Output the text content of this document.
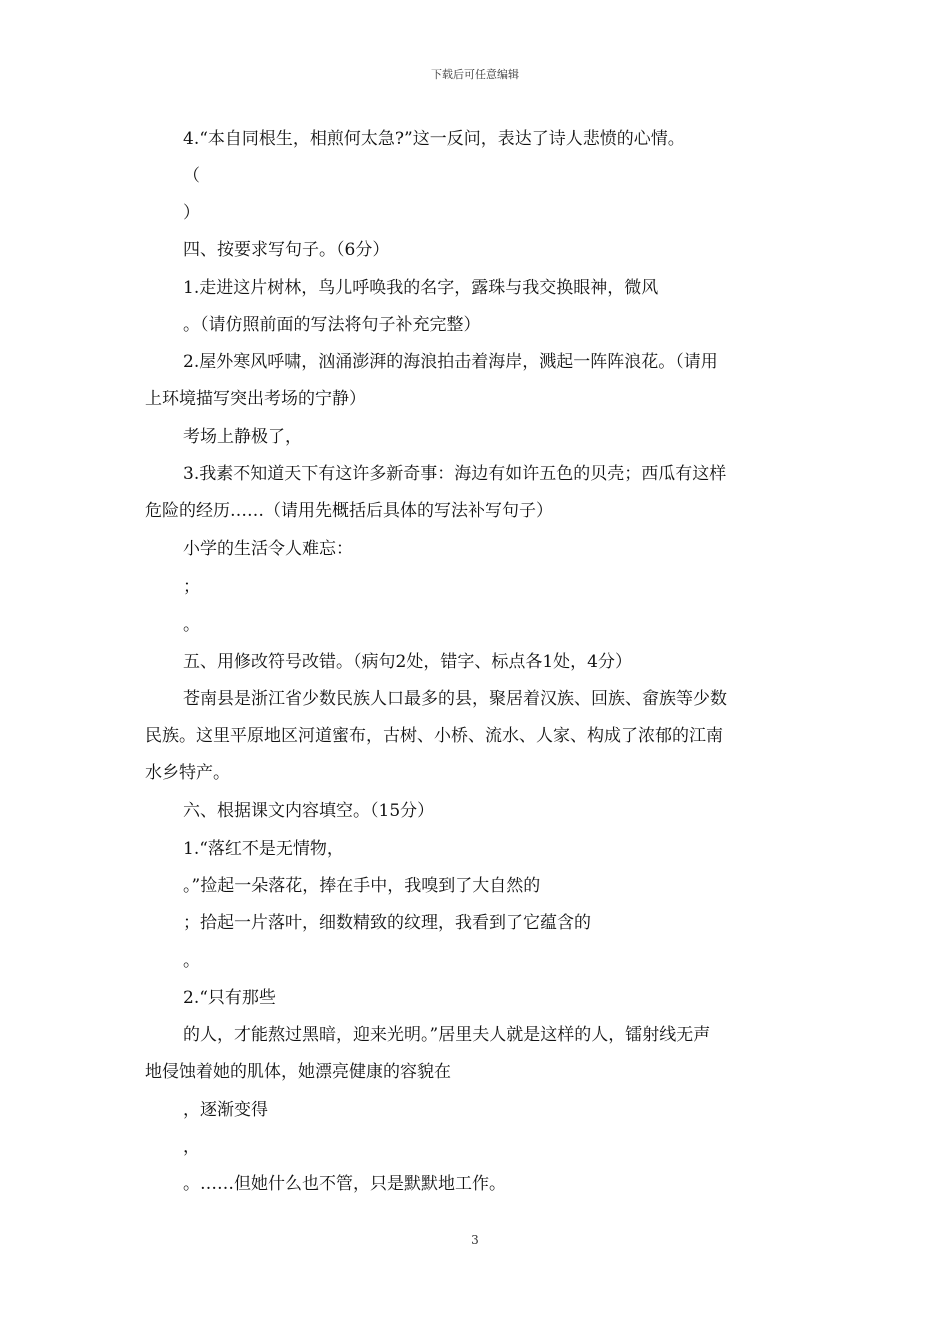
下载后可任意编辑
4.“本自同根生，相煎何太急?”这一反问，表达了诗人悲愤的心情。
（
）
四、按要求写句子。（6分）
1.走进这片树林，鸟儿呼唤我的名字，露珠与我交换眼神，微风
。（请仿照前面的写法将句子补充完整）
2.屋外寒风呼啸，汹涌澎湃的海浪拍击着海岸，溅起一阵阵浪花。（请用
上环境描写突出考场的宁静）
考场上静极了，
3.我素不知道天下有这许多新奇事：海边有如许五色的贝壳；西瓜有这样
危险的经历……（请用先概括后具体的写法补写句子）
小学的生活令人难忘：
；
。
五、用修改符号改错。（病句2处，错字、标点各1处，4分）
苍南县是浙江省少数民族人口最多的县，聚居着汉族、回族、畲族等少数
民族。这里平原地区河道蜜布，古树、小桥、流水、人家、构成了浓郁的江南
水乡特产。
六、根据课文内容填空。（15分）
1.“落红不是无情物，
。”捡起一朵落花，捧在手中，我嗅到了大自然的
；拾起一片落叶，细数精致的纹理，我看到了它蕴含的
。
2.“只有那些
的人，才能熬过黑暗，迎来光明。”居里夫人就是这样的人，镭射线无声
地侵蚀着她的肌体，她漂亮健康的容貌在
，逐渐变得
，
。……但她什么也不管，只是默默地工作。
3
